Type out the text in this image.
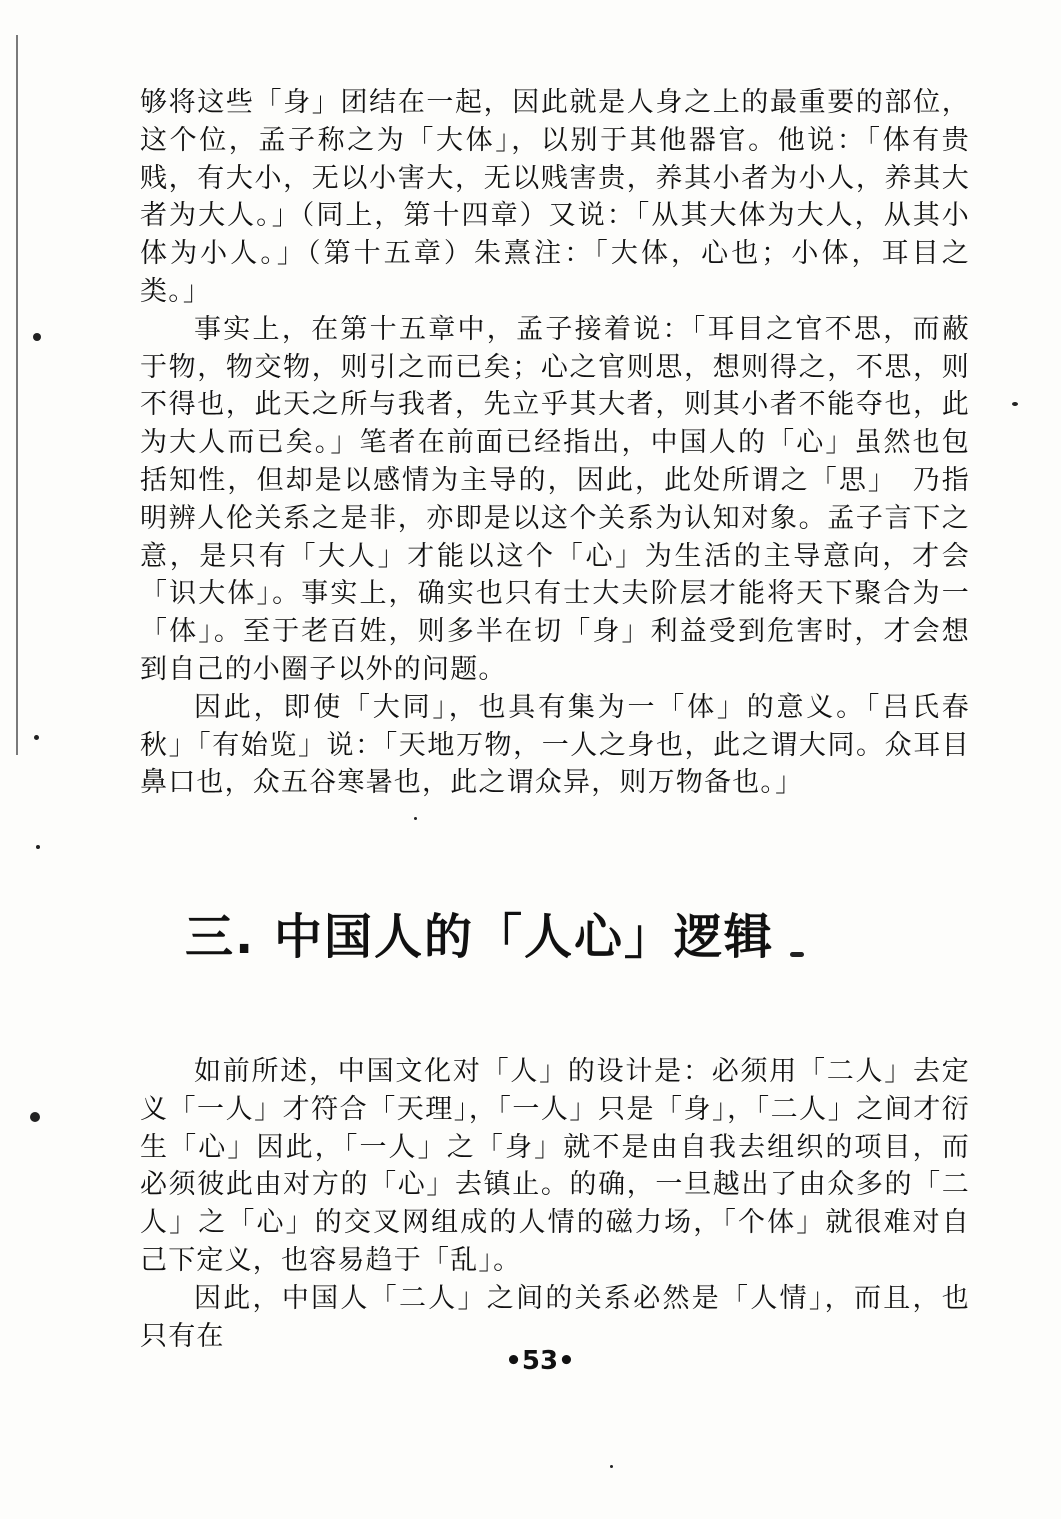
够将这些「身」团结在一起，因此就是人身之上的最重要的部位，这个位，孟子称之为「大体」，以别于其他器官。他说：「体有贵贱，有大小，无以小害大，无以贱害贵，养其小者为小人，养其大者为大人。」（同上，第十四章）又说：「从其大体为大人，从其小体为小人。」（第十五章）朱熹注：「大体，心也；小体，耳目之类。」

事实上，在第十五章中，孟子接着说：「耳目之官不思，而蔽于物，物交物，则引之而已矣；心之官则思，想则得之，不思，则不得也，此天之所与我者，先立乎其大者，则其小者不能夺也，此为大人而已矣。」笔者在前面已经指出，中国人的「心」虽然也包括知性，但却是以感情为主导的，因此，此处所谓之「思」　乃指明辨人伦关系之是非，亦即是以这个关系为认知对象。孟子言下之意，是只有「大人」才能以这个「心」为生活的主导意向，才会「识大体」。事实上，确实也只有士大夫阶层才能将天下聚合为一「体」。至于老百姓，则多半在切「身」利益受到危害时，才会想到自己的小圈子以外的问题。

因此，即使「大同」，也具有集为一「体」的意义。「吕氏春秋」「有始览」说：「天地万物，一人之身也，此之谓大同。众耳目鼻口也，众五谷寒暑也，此之谓众异，则万物备也。」

三. 中国人的「人心」逻辑

如前所述，中国文化对「人」的设计是：必须用「二人」去定义「一人」才符合「天理」，「一人」只是「身」，「二人」之间才衍生「心」因此，「一人」之「身」就不是由自我去组织的项目，而必须彼此由对方的「心」去镇止。的确，一旦越出了由众多的「二人」之「心」的交叉网组成的人情的磁力场，「个体」就很难对自己下定义，也容易趋于「乱」。

因此，中国人「二人」之间的关系必然是「人情」，而且，也只有在

•53•
